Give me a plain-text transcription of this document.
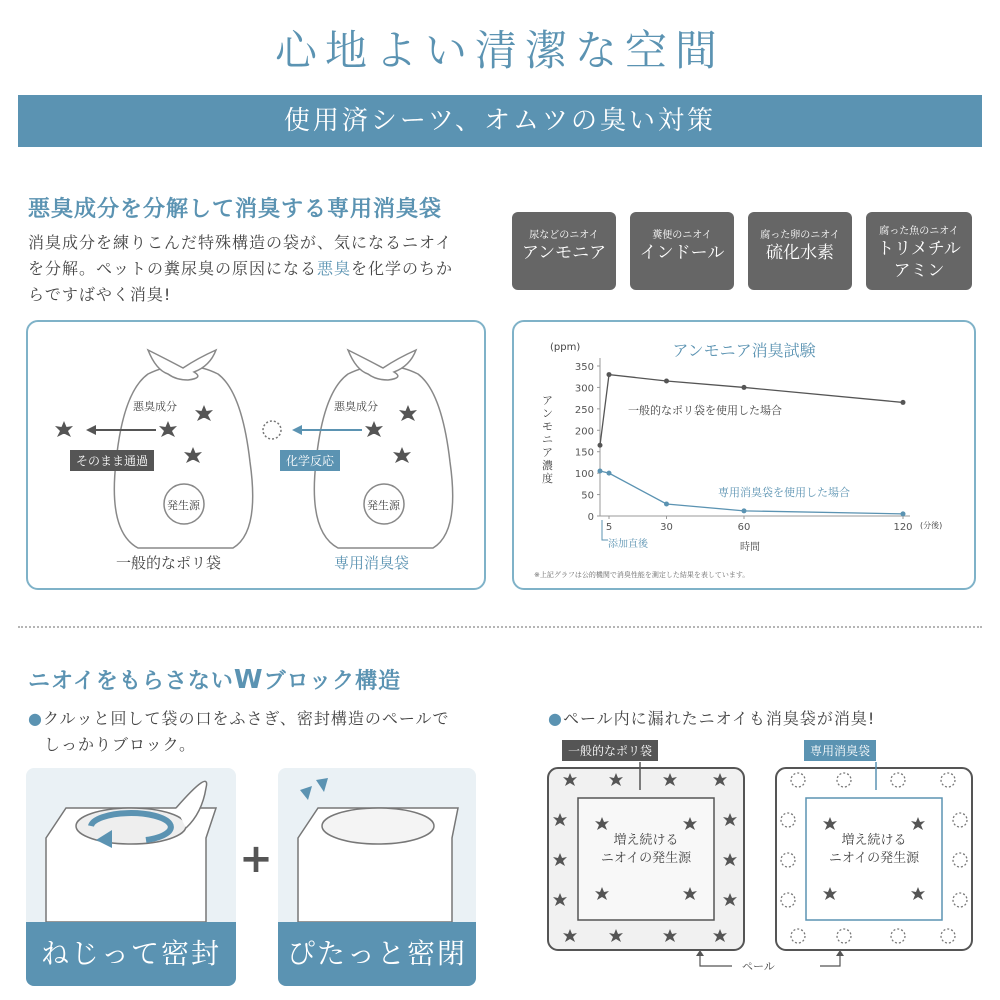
心地よい清潔な空間
使用済シーツ、オムツの臭い対策
悪臭成分を分解して消臭する専用消臭袋
消臭成分を練りこんだ特殊構造の袋が、気になるニオイ
を分解。ペットの糞尿臭の原因になる悪臭を化学のちか
らですばやく消臭!
尿などのニオイ
アンモニア
糞便のニオイ
インドール
腐った卵のニオイ
硫化水素
腐った魚のニオイ
トリメチル
アミン
悪臭成分	悪臭成分
発生源	発生源
そのまま通過	化学反応
一般的なポリ袋	専用消臭袋
アンモニア消臭試験
(ppm)
アンモニア濃度
時間
(分後)
添加直後
一般的なポリ袋を使用した場合
専用消臭袋を使用した場合
※上記グラフは公的機関で消臭性能を測定した結果を表しています。
0
50
100
150
200
250
300
350
5	30	60	120
ニオイをもらさないWブロック構造
●クルッと回して袋の口をふさぎ、密封構造のペールで
しっかりブロック。
●ペール内に漏れたニオイも消臭袋が消臭!
ねじって密封
+
ぴたっと密閉
一般的なポリ袋	専用消臭袋
増え続ける
ニオイの発生源
増え続ける
ニオイの発生源
ペール
